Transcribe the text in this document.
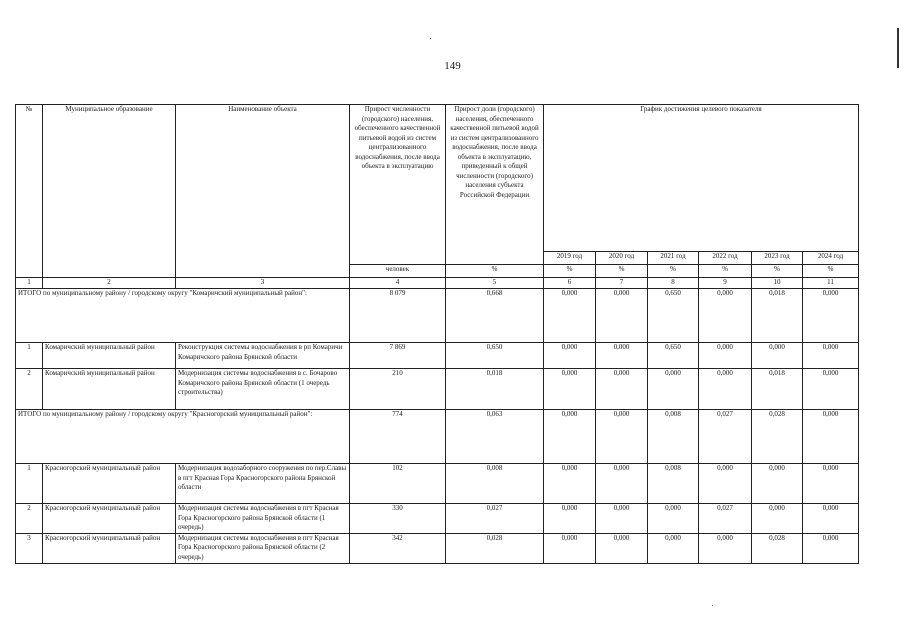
149
№	Муниципальное образование	Наименование объекта	Прирост численности (городского) населения, обеспеченного качественной питьевой водой из систем централизованного водоснабжения, после ввода объекта в эксплуатацию	Прирост доли (городского) населения, обеспеченного качественной питьевой водой из систем централизованного водоснабжения, после ввода объекта в эксплуатацию, приведенный к общей численности (городского) населения субъекта Российской Федерации	График достижения целевого показателя					
					2019 год	2020 год	2021 год	2022 год	2023 год	2024 год
			человек	%	%	%	%	%	%	%
1	2	3	4	5	6	7	8	9	10	11
ИТОГО по муниципальному району / городскому округу "Комаричский муниципальный район":			8 079	0,668	0,000	0,000	0,650	0,000	0,018	0,000
1	Комаричский муниципальный район	Реконструкция системы водоснабжения в рп Комаричи Комаричского района Брянской области	7 869	0,650	0,000	0,000	0,650	0,000	0,000	0,000
2	Комаричский муниципальный район	Модернизация системы водоснабжения в с. Бочарово Комаричского района Брянской области (1 очередь строительства)	210	0,018	0,000	0,000	0,000	0,000	0,018	0,000
ИТОГО по муниципальному району / городскому округу "Красногорский муниципальный район":			774	0,063	0,000	0,000	0,008	0,027	0,028	0,000
1	Красногорский муниципальный район	Модернизация водозаборного сооружения по пер.Славы в пгт Красная Гора Красногорского района Брянской области	102	0,008	0,000	0,000	0,008	0,000	0,000	0,000
2	Красногорский муниципальный район	Модернизация системы водоснабжения в пгт Красная Гора Красногорского района Брянской области (1 очередь)	330	0,027	0,000	0,000	0,000	0,027	0,000	0,000
3	Красногорский муниципальный район	Модернизация системы водоснабжения в пгт Красная Гора Красногорского района Брянской области (2 очередь)	342	0,028	0,000	0,000	0,000	0,000	0,028	0,000
